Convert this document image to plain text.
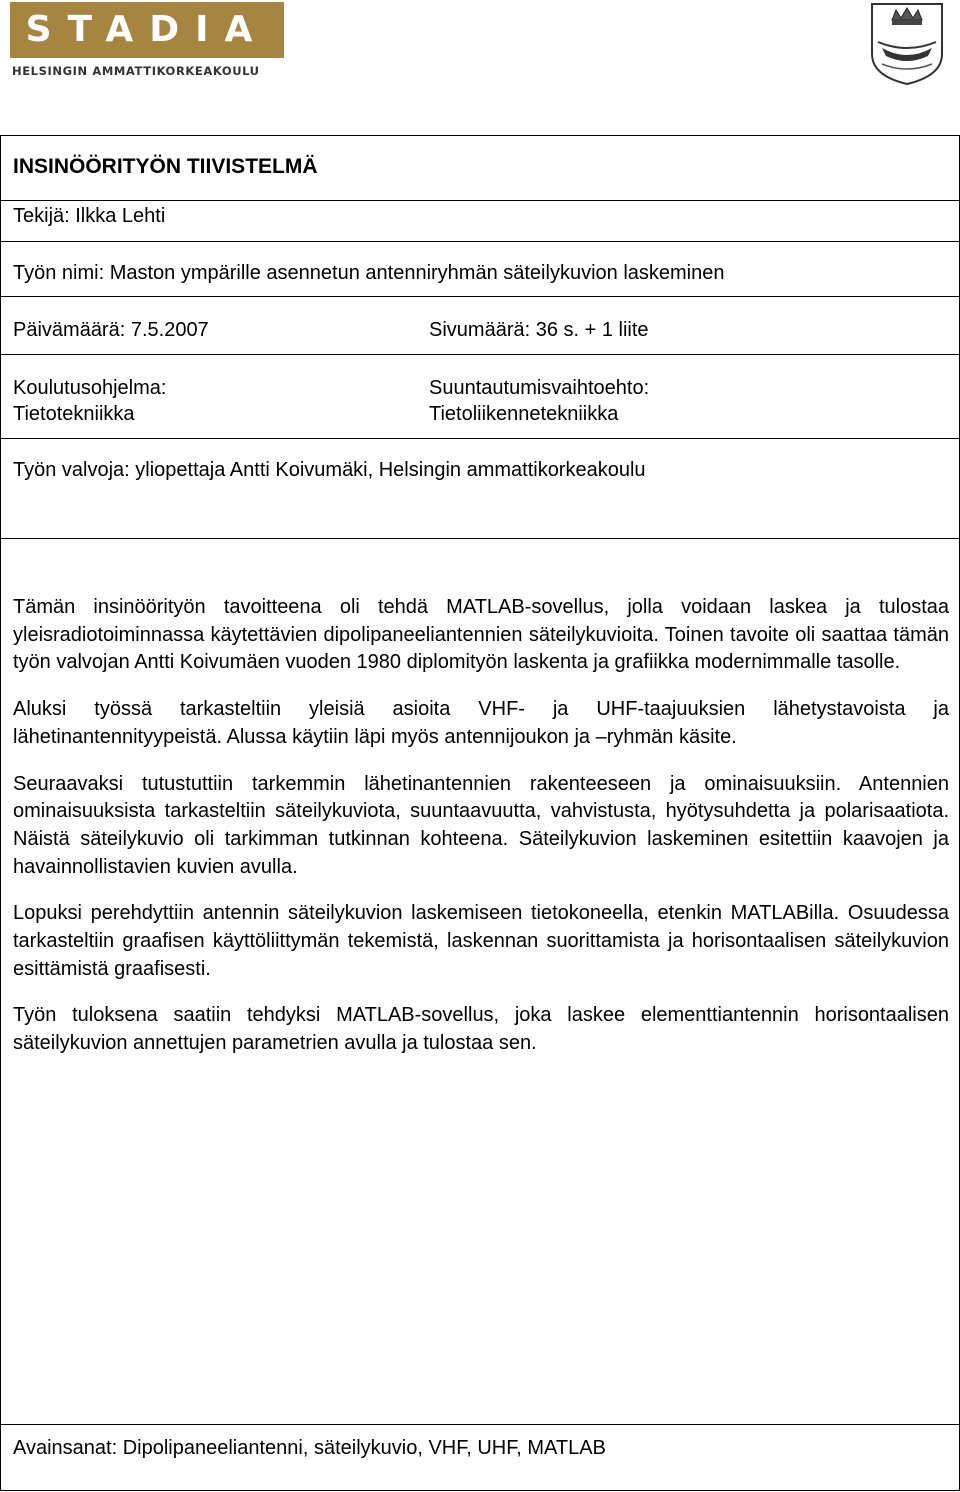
STADIA
HELSINGIN AMMATTIKORKEAKOULU
INSINÖÖRITYÖN TIIVISTELMÄ
Tekijä: Ilkka Lehti
Työn nimi: Maston ympärille asennetun antenniryhmän säteilykuvion laskeminen
Päivämäärä: 7.5.2007	Sivumäärä: 36 s. + 1 liite
Koulutusohjelma:
Tietotekniikka
Suuntautumisvaihtoehto:
Tietoliikennetekniikka
Työn valvoja: yliopettaja Antti Koivumäki, Helsingin ammattikorkeakoulu

Tämän insinöörityön tavoitteena oli tehdä MATLAB-sovellus, jolla voidaan laskea ja tulostaa yleisradiotoiminnassa käytettävien dipolipaneeliantennien säteilykuvioita. Toinen tavoite oli saattaa tämän työn valvojan Antti Koivumäen vuoden 1980 diplomityön laskenta ja grafiikka modernimmalle tasolle.

Aluksi työssä tarkasteltiin yleisiä asioita VHF- ja UHF-taajuuksien lähetystavoista ja lähetinantennityypeistä. Alussa käytiin läpi myös antennijoukon ja –ryhmän käsite.

Seuraavaksi tutustuttiin tarkemmin lähetinantennien rakenteeseen ja ominaisuuksiin. Antennien ominaisuuksista tarkasteltiin säteilykuviota, suuntaavuutta, vahvistusta, hyötysuhdetta ja polarisaatiota. Näistä säteilykuvio oli tarkimman tutkinnan kohteena. Säteilykuvion laskeminen esitettiin kaavojen ja havainnollistavien kuvien avulla.

Lopuksi perehdyttiin antennin säteilykuvion laskemiseen tietokoneella, etenkin MATLABilla. Osuudessa tarkasteltiin graafisen käyttöliittymän tekemistä, laskennan suorittamista ja horisontaalisen säteilykuvion esittämistä graafisesti.

Työn tuloksena saatiin tehdyksi MATLAB-sovellus, joka laskee elementtiantennin horisontaalisen säteilykuvion annettujen parametrien avulla ja tulostaa sen.

Avainsanat: Dipolipaneeliantenni, säteilykuvio, VHF, UHF, MATLAB
